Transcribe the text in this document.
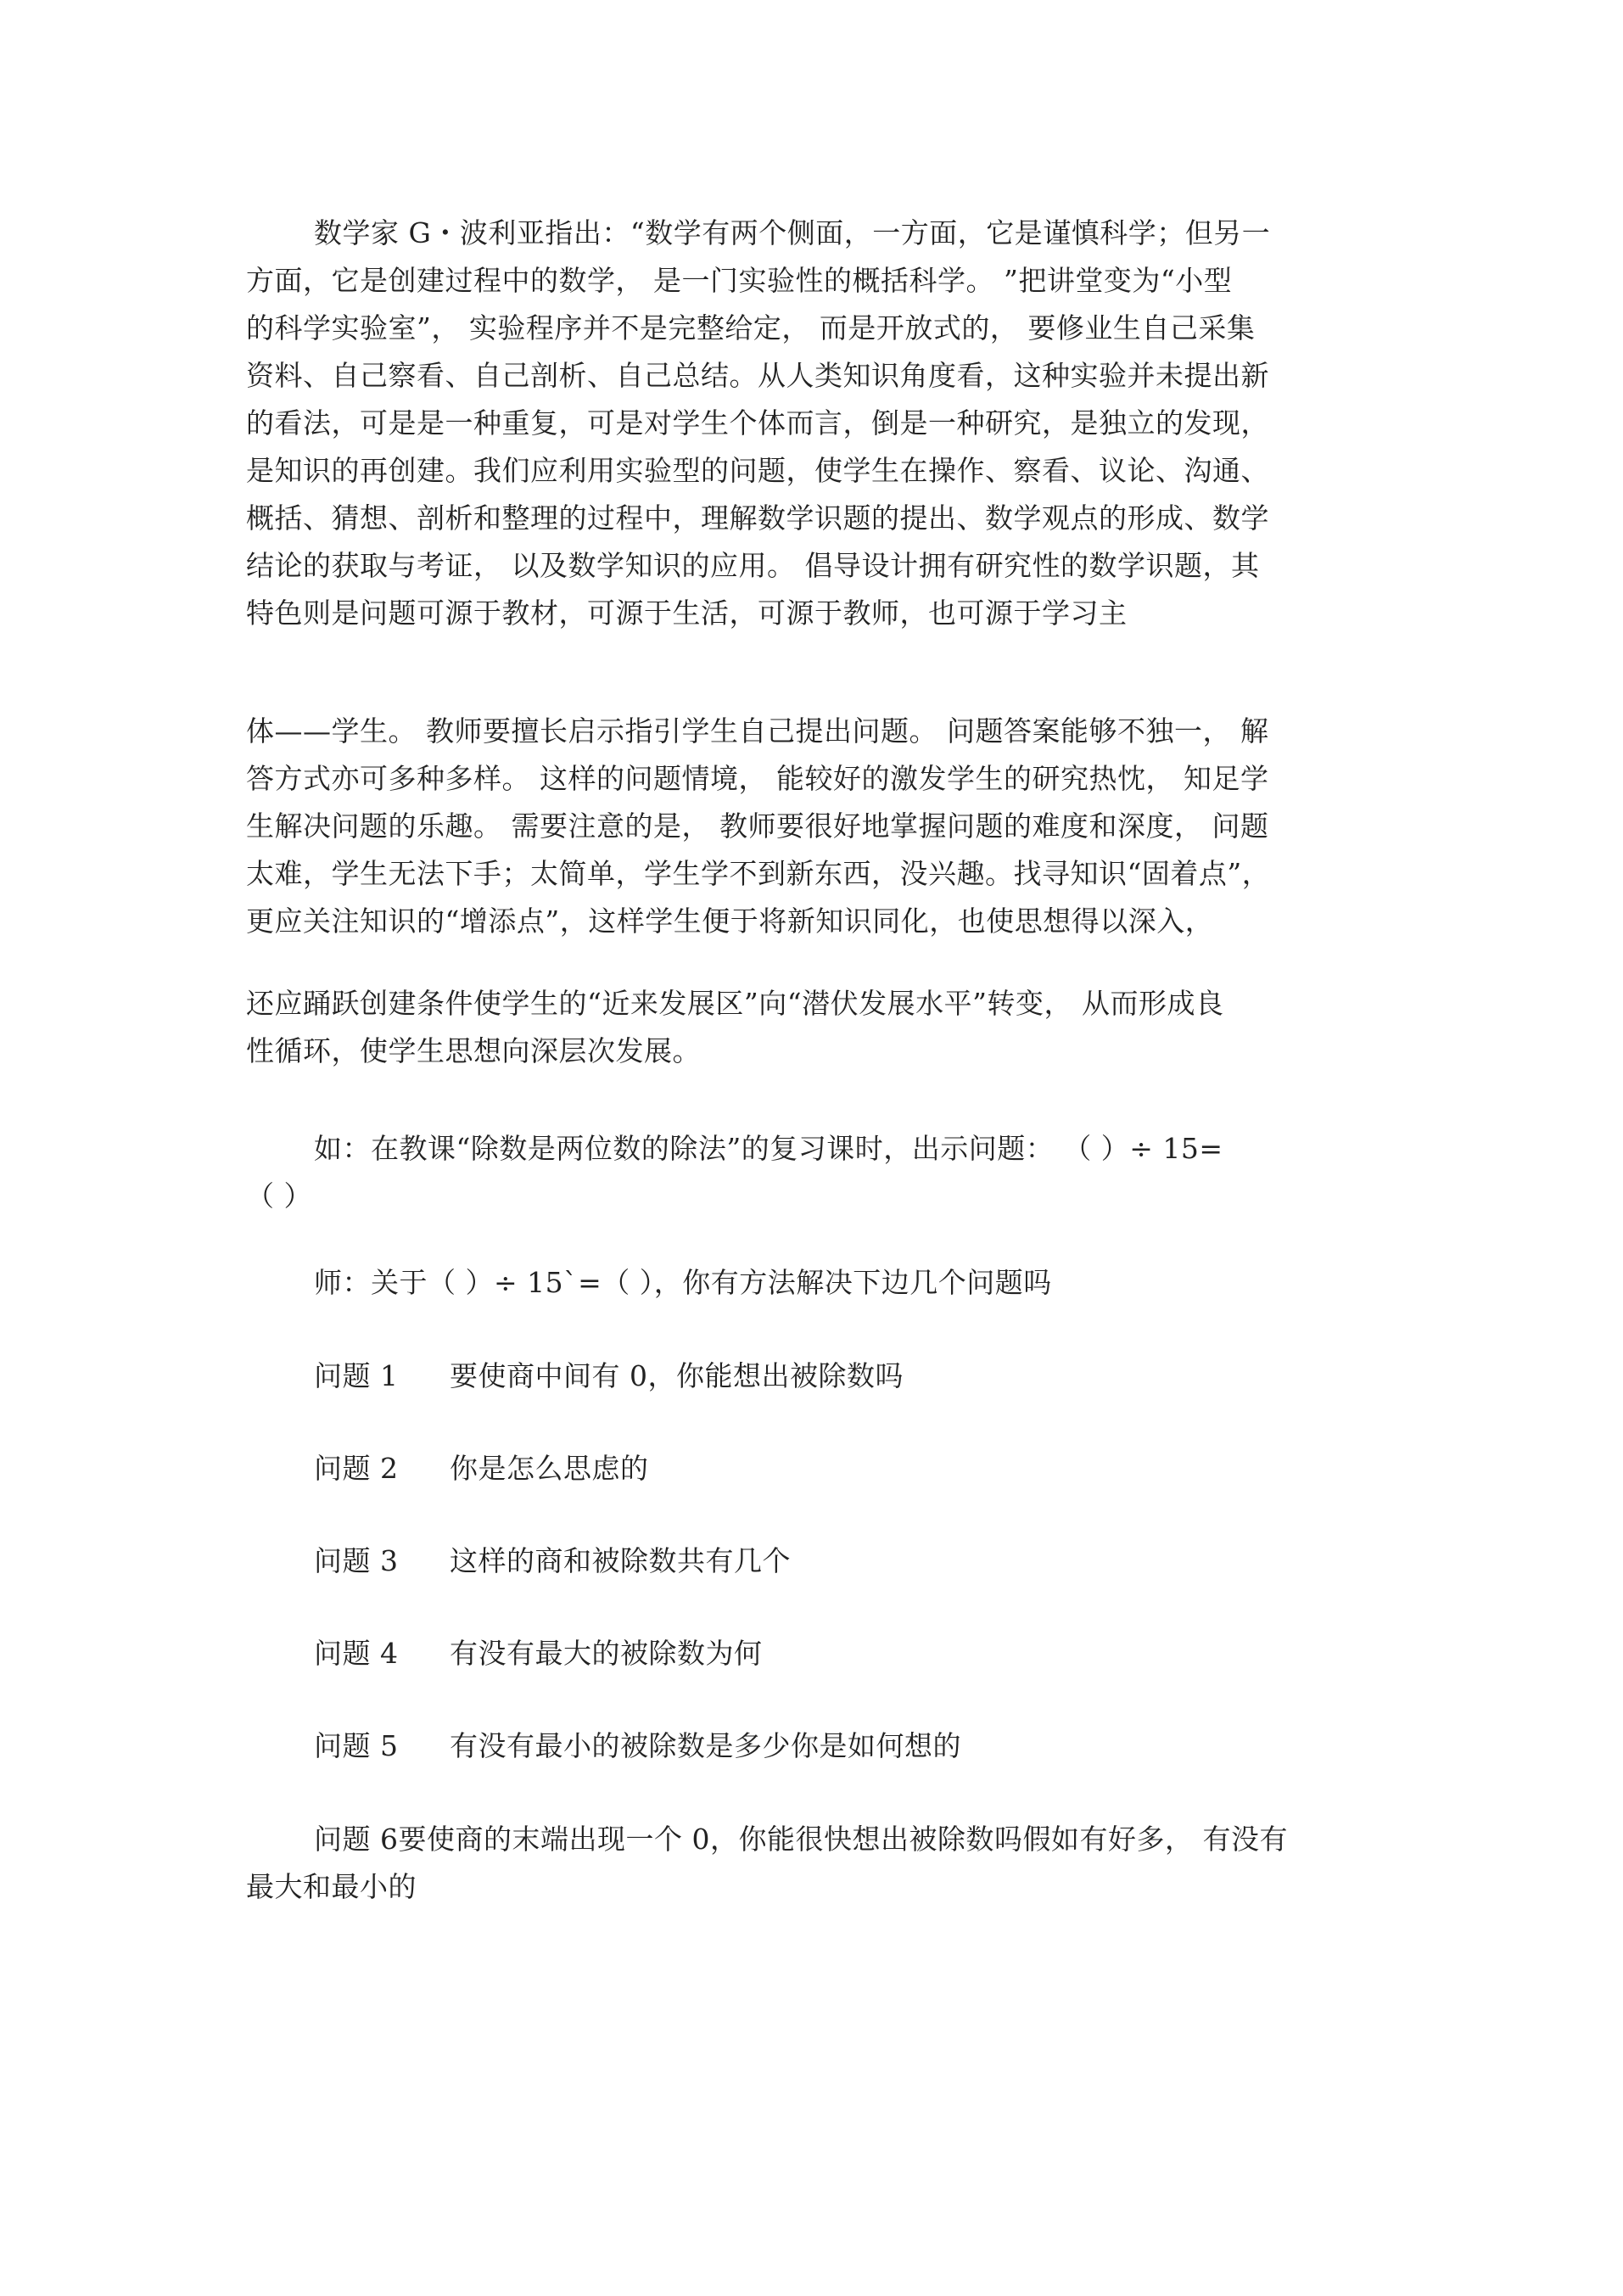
数学家 G・波利亚指出：“数学有两个侧面，一方面，它是谨慎科学；但另一
方面，它是创建过程中的数学， 是一门实验性的概括科学。 ”把讲堂变为“小型
的科学实验室”， 实验程序并不是完整给定， 而是开放式的， 要修业生自己采集
资料、自己察看、自己剖析、自己总结。从人类知识角度看，这种实验并未提出新
的看法，可是是一种重复，可是对学生个体而言，倒是一种研究，是独立的发现，
是知识的再创建。我们应利用实验型的问题，使学生在操作、察看、议论、沟通、
概括、猜想、剖析和整理的过程中，理解数学识题的提出、数学观点的形成、数学
结论的获取与考证， 以及数学知识的应用。 倡导设计拥有研究性的数学识题，其
特色则是问题可源于教材，可源于生活，可源于教师，也可源于学习主
体——学生。 教师要擅长启示指引学生自己提出问题。 问题答案能够不独一， 解
答方式亦可多种多样。 这样的问题情境， 能较好的激发学生的研究热忱， 知足学
生解决问题的乐趣。 需要注意的是， 教师要很好地掌握问题的难度和深度， 问题
太难，学生无法下手；太简单，学生学不到新东西，没兴趣。找寻知识“固着点”，
更应关注知识的“增添点”，这样学生便于将新知识同化，也使思想得以深入，
还应踊跃创建条件使学生的“近来发展区”向“潜伏发展水平”转变， 从而形成良
性循环，使学生思想向深层次发展。
如：在教课“除数是两位数的除法”的复习课时，出示问题： （ ）÷ 15=
（ ）
师：关于（ ）÷ 15`=（ ），你有方法解决下边几个问题吗
问题 1 要使商中间有 0，你能想出被除数吗
问题 2 你是怎么思虑的
问题 3 这样的商和被除数共有几个
问题 4 有没有最大的被除数为何
问题 5 有没有最小的被除数是多少你是如何想的
问题 6要使商的末端出现一个 0，你能很快想出被除数吗假如有好多， 有没有
最大和最小的
